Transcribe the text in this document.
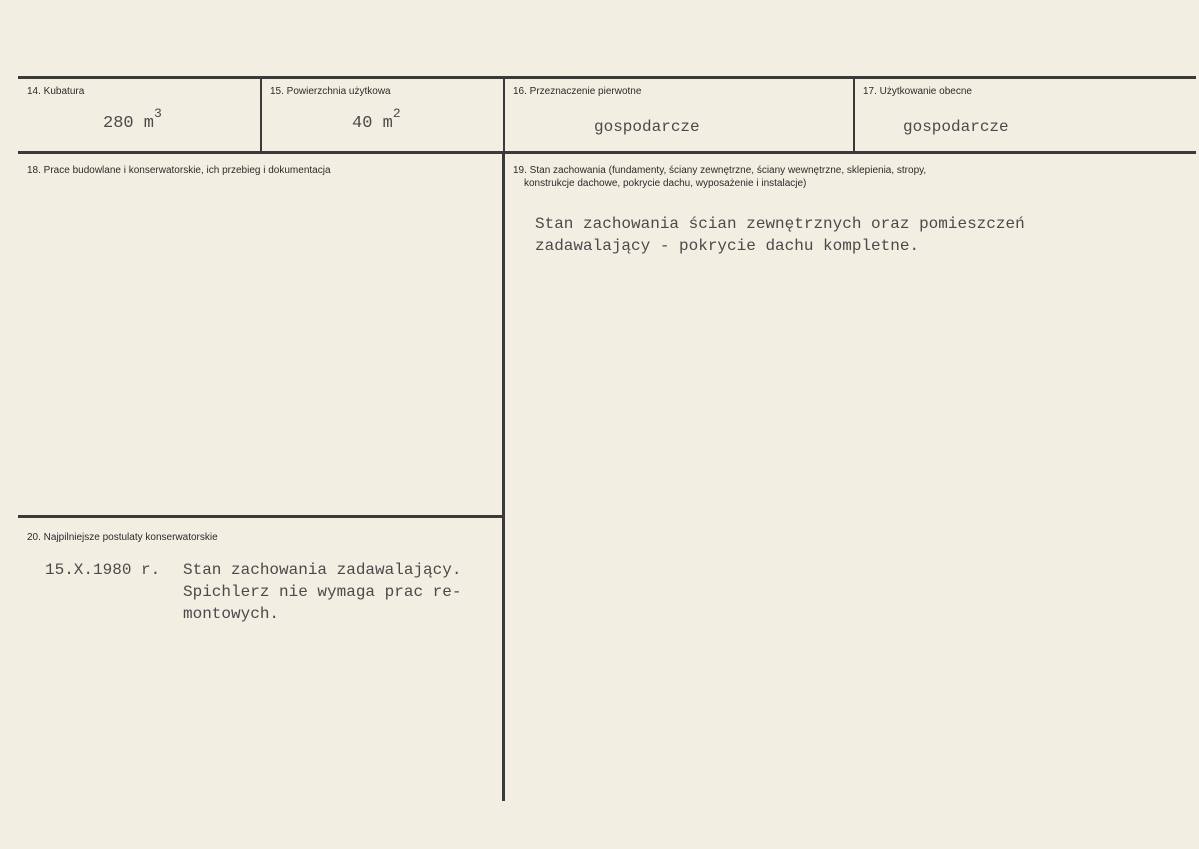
14. Kubatura
280 $m^3$
15. Powierzchnia użytkowa
40 $m^2$
16. Przeznaczenie pierwotne
gospodarcze
17. Użytkowanie obecne
gospodarcze
18. Prace budowlane i konserwatorskie, ich przebieg i dokumentacja	19. Stan zachowania (fundamenty, ściany zewnętrzne, ściany wewnętrzne, sklepienia, stropy,
konstrukcje dachowe, pokrycie dachu, wyposażenie i instalacje)
Stan zachowania ścian zewnętrznych oraz pomieszczeń
zadawalający - pokrycie dachu kompletne.
20. Najpilniejsze postulaty konserwatorskie
15.X.1980 r. Stan zachowania zadawalający.
Spichlerz nie wymaga prac re-
montowych.
